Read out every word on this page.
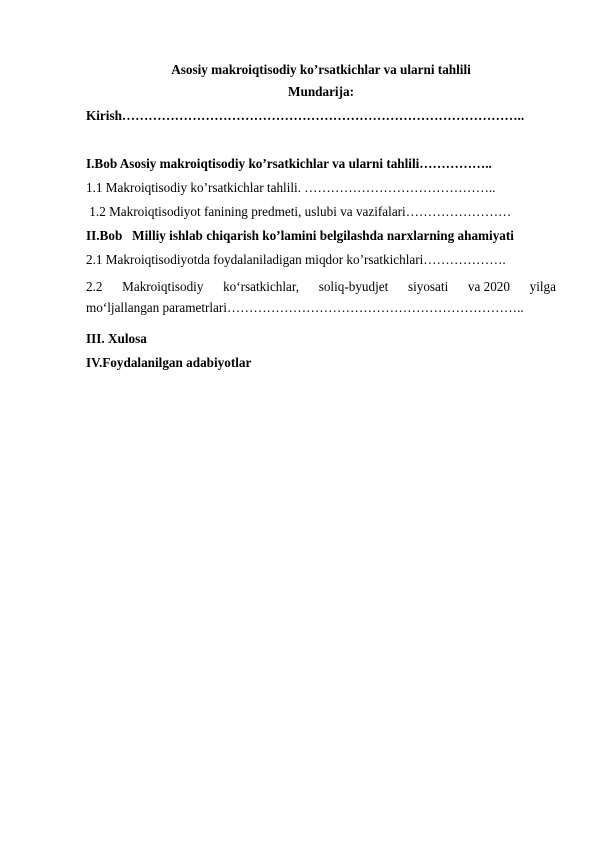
Asosiy makroiqtisodiy ko’rsatkichlar va ularni tahlili
Mundarija:
Kirish………………………………………………………………………………..
I.Bob Asosiy makroiqtisodiy ko’rsatkichlar va ularni tahlili……………..
1.1 Makroiqtisodiy ko’rsatkichlar tahlili. ……………………………………..
1.2 Makroiqtisodiyot fanining predmeti, uslubi va vazifalari……………………
II.Bob   Milliy ishlab chiqarish ko’lamini belgilashda narxlarning ahamiyati
2.1 Makroiqtisodiyotda foydalaniladigan miqdor ko’rsatkichlari……………….
2.2 Makroiqtisodiy ko‘rsatkichlar, soliq-byudjet siyosati va 2020 yilga
mo‘ljallangan parametrlari…………………………………………………………..
III. Xulosa
IV.Foydalanilgan adabiyotlar
